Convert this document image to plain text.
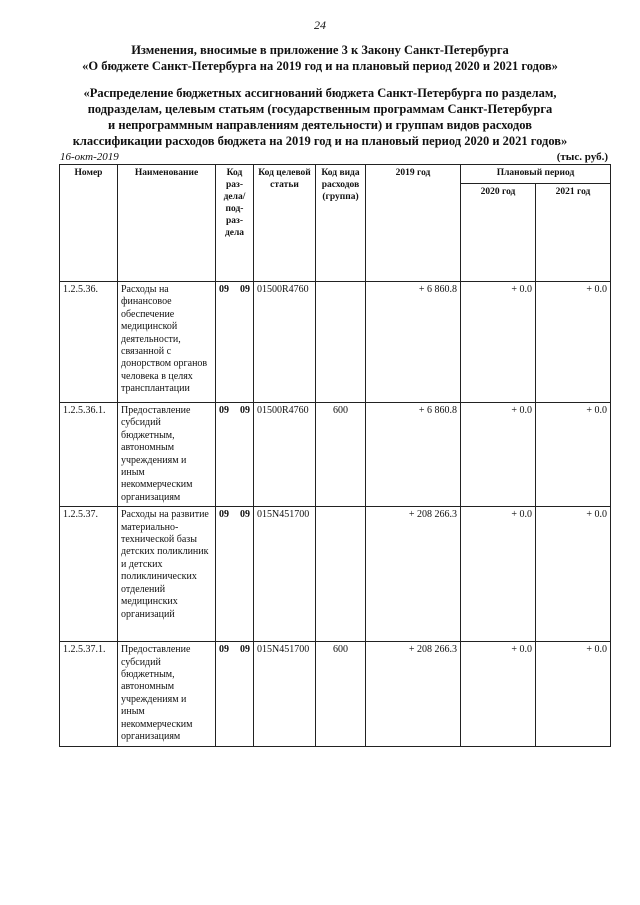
24
Изменения, вносимые в приложение 3 к Закону Санкт-Петербурга
«О бюджете Санкт-Петербурга на 2019 год и на плановый период 2020 и 2021 годов»
«Распределение бюджетных ассигнований бюджета Санкт-Петербурга по разделам,
подразделам, целевым статьям (государственным программам Санкт-Петербурга
и непрограммным направлениям деятельности) и группам видов расходов
классификации расходов бюджета на 2019 год и на плановый период 2020 и 2021 годов»
16-окт-2019	(тыс. руб.)
Номер	Наименование	Код раз-дела/ под-раз-дела	Код целевой статьи	Код вида расходов (группа)	2019 год	Плановый период	
						2020 год	2021 год
1.2.5.36.	Расходы на финансовое обеспечение медицинской деятельности, связанной с донорством органов человека в целях трансплантации	09 09	01500R4760		+ 6 860.8	+ 0.0	+ 0.0
1.2.5.36.1.	Предоставление субсидий бюджетным, автономным учреждениям и иным некоммерческим организациям	09 09	01500R4760	600	+ 6 860.8	+ 0.0	+ 0.0
1.2.5.37.	Расходы на развитие материально-технической базы детских поликлиник и детских поликлинических отделений медицинских организаций	09 09	015N451700		+ 208 266.3	+ 0.0	+ 0.0
1.2.5.37.1.	Предоставление субсидий бюджетным, автономным учреждениям и иным некоммерческим организациям	09 09	015N451700	600	+ 208 266.3	+ 0.0	+ 0.0
